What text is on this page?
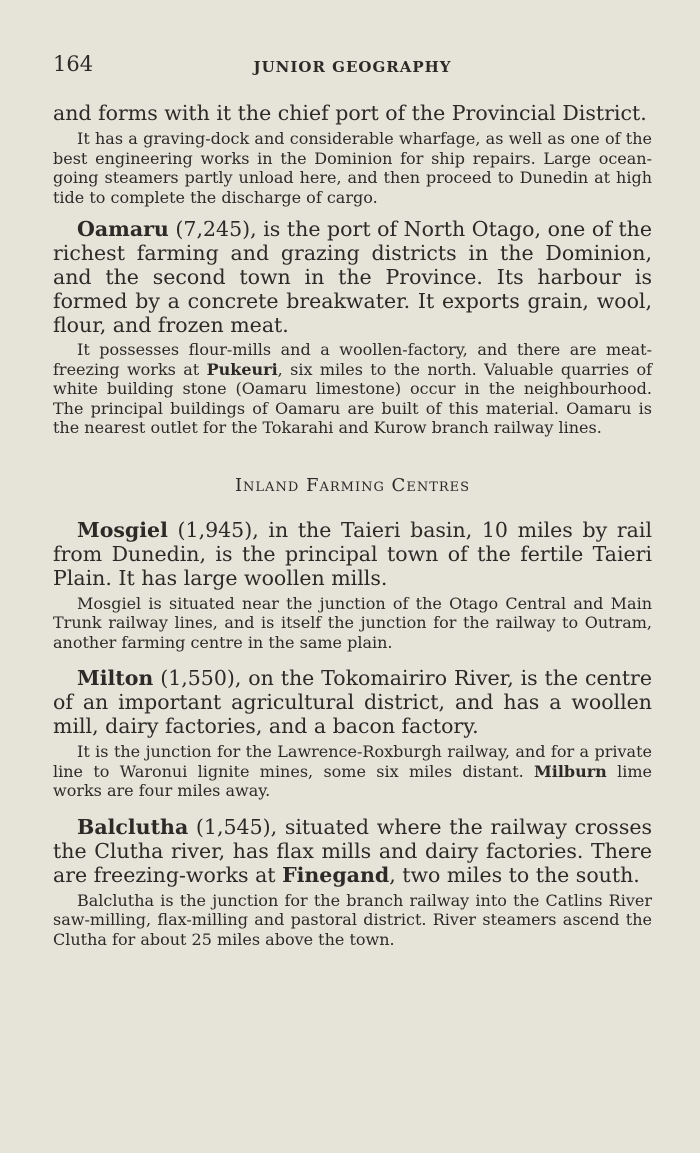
164	JUNIOR GEOGRAPHY

and forms with it the chief port of the Provincial District.

It has a graving-dock and considerable wharfage, as well as one of the best engineering works in the Dominion for ship repairs. Large ocean-going steamers partly unload here, and then proceed to Dunedin at high tide to complete the discharge of cargo.

Oamaru (7,245), is the port of North Otago, one of the richest farming and grazing districts in the Dominion, and the second town in the Province. Its harbour is formed by a concrete breakwater. It exports grain, wool, flour, and frozen meat.

It possesses flour-mills and a woollen-factory, and there are meat-freezing works at Pukeuri, six miles to the north. Valuable quarries of white building stone (Oamaru limestone) occur in the neighbourhood. The principal buildings of Oamaru are built of this material. Oamaru is the nearest outlet for the Tokarahi and Kurow branch railway lines.

Inland Farming Centres

Mosgiel (1,945), in the Taieri basin, 10 miles by rail from Dunedin, is the principal town of the fertile Taieri Plain. It has large woollen mills.

Mosgiel is situated near the junction of the Otago Central and Main Trunk railway lines, and is itself the junction for the railway to Outram, another farming centre in the same plain.

Milton (1,550), on the Tokomairiro River, is the centre of an important agricultural district, and has a woollen mill, dairy factories, and a bacon factory.

It is the junction for the Lawrence-Roxburgh railway, and for a private line to Waronui lignite mines, some six miles distant. Milburn lime works are four miles away.

Balclutha (1,545), situated where the railway crosses the Clutha river, has flax mills and dairy factories. There are freezing-works at Finegand, two miles to the south.

Balclutha is the junction for the branch railway into the Catlins River saw-milling, flax-milling and pastoral district. River steamers ascend the Clutha for about 25 miles above the town.
